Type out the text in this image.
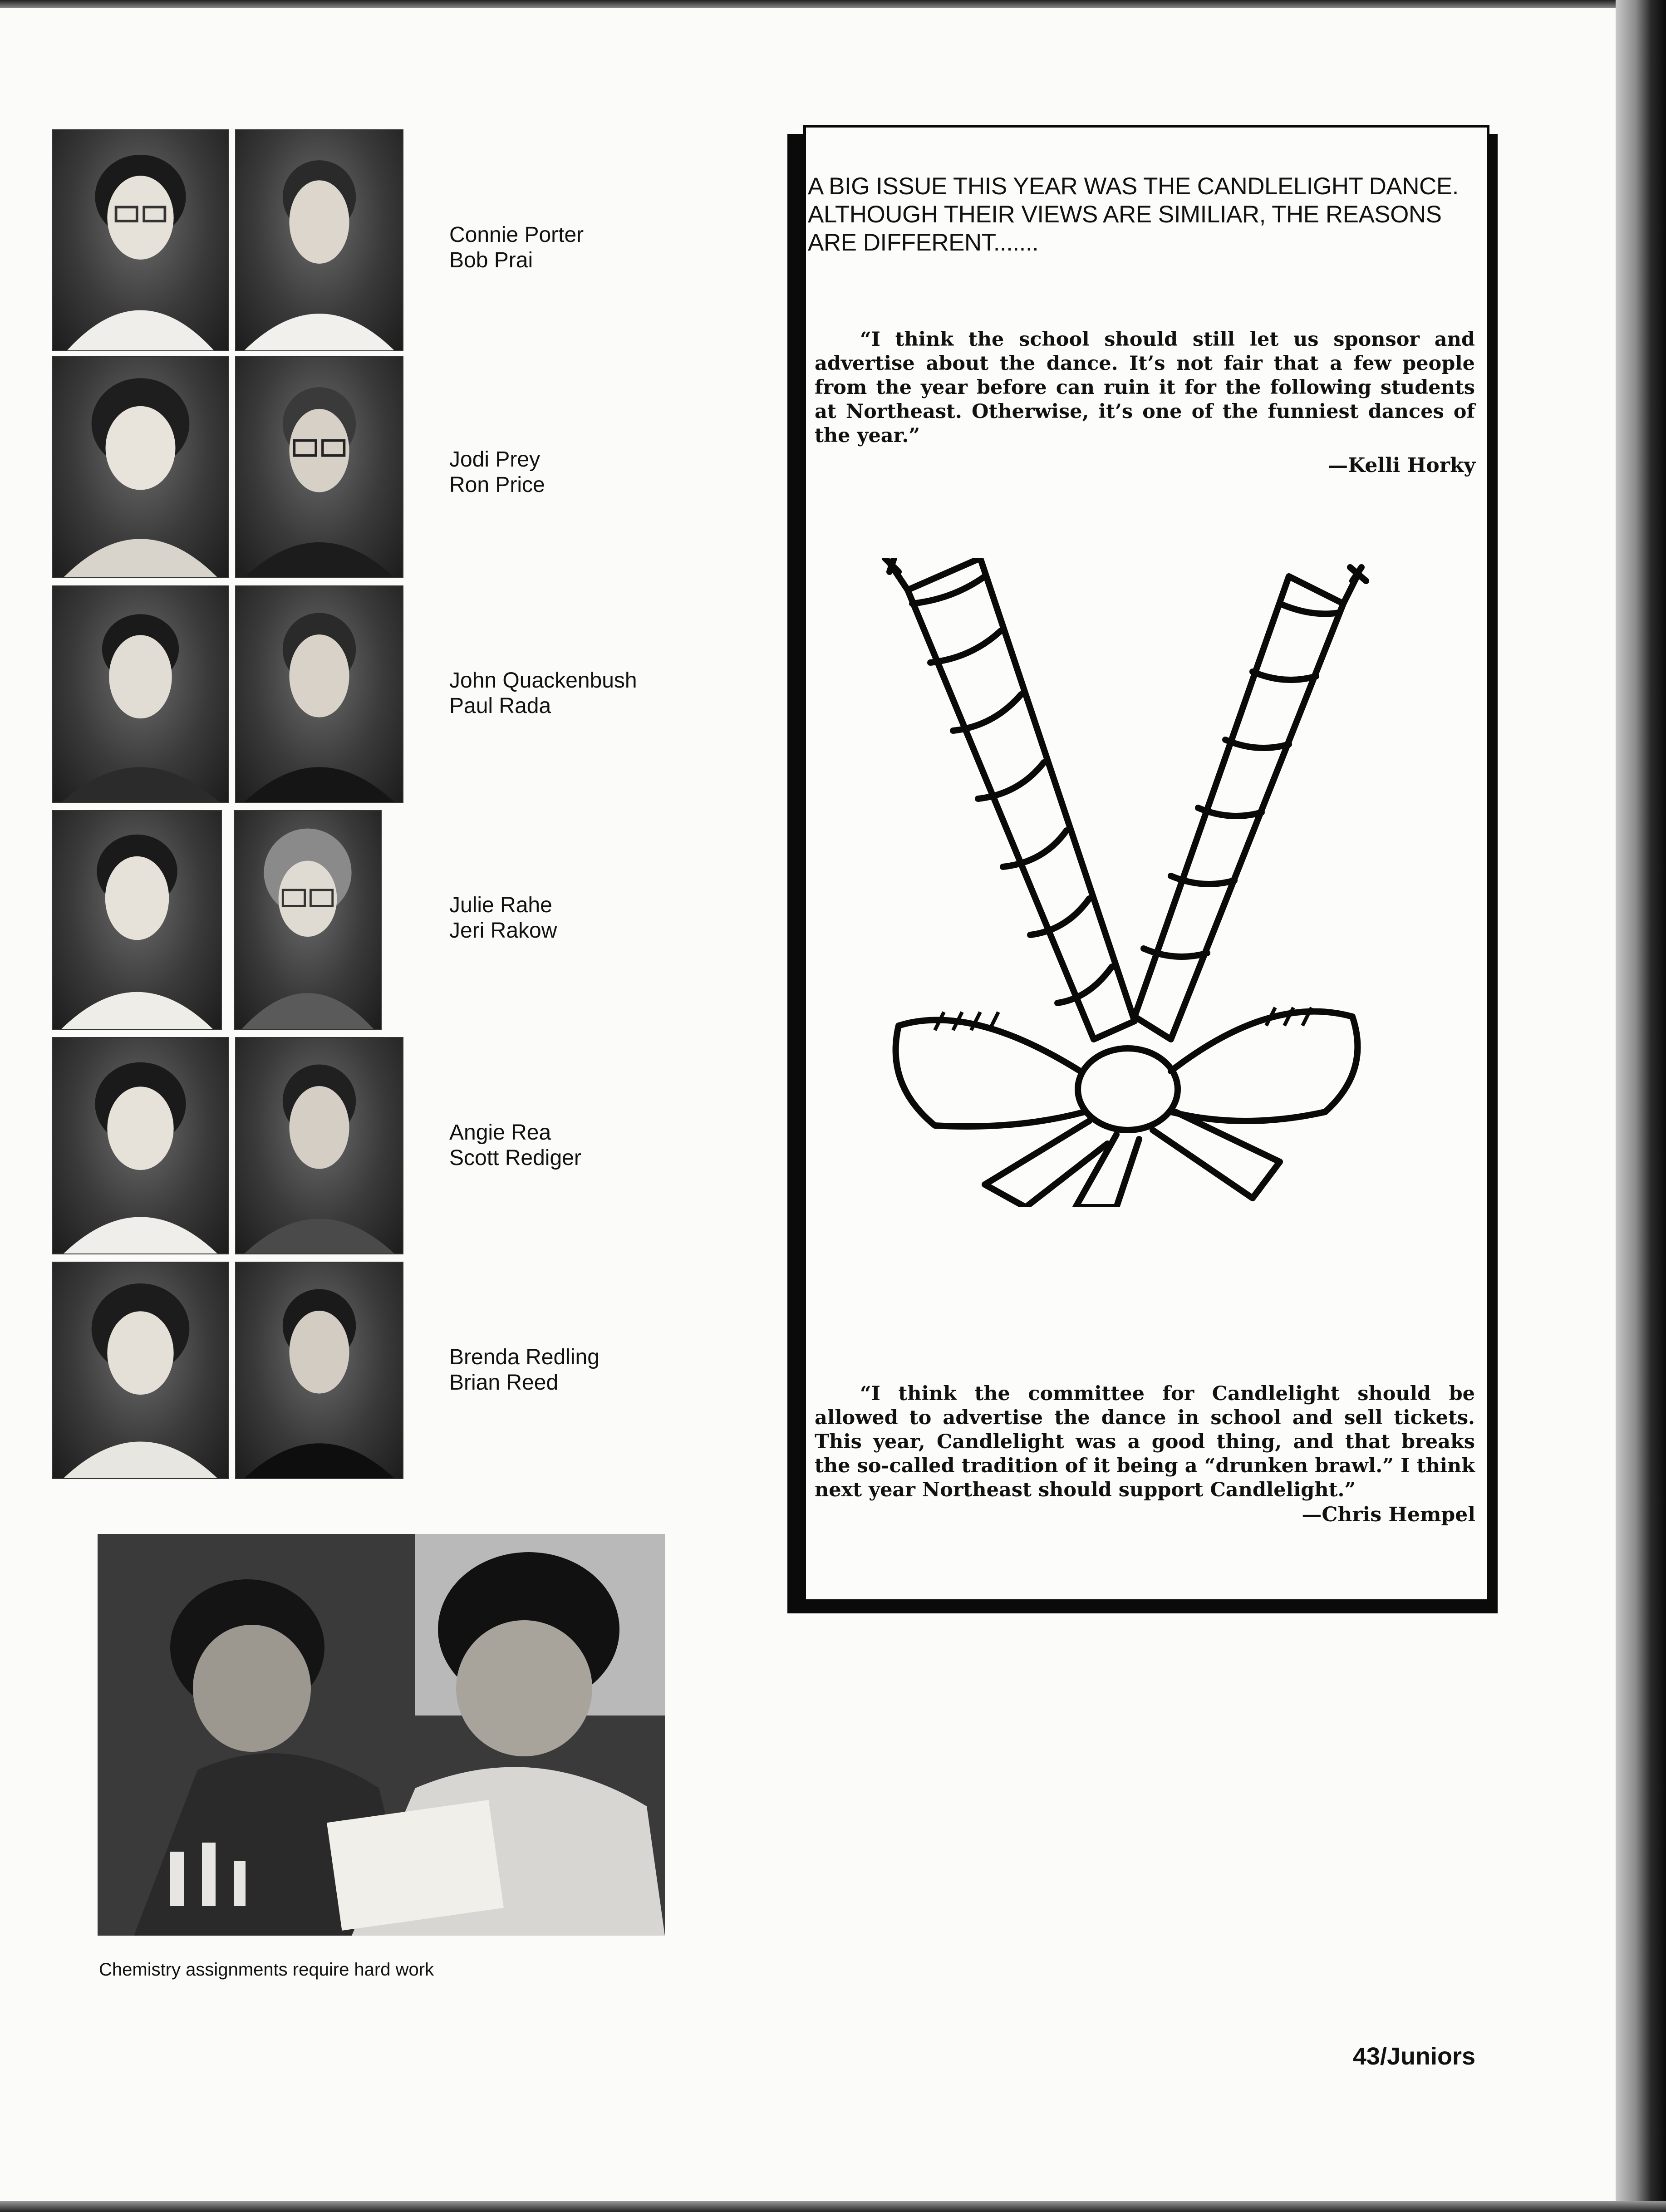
Connie Porter
Bob Prai
Jodi Prey
Ron Price
John Quackenbush
Paul Rada
Julie Rahe
Jeri Rakow
Angie Rea
Scott Rediger
Brenda Redling
Brian Reed
Chemistry assignments require hard work
A BIG ISSUE THIS YEAR WAS THE CANDLELIGHT DANCE.
ALTHOUGH THEIR VIEWS ARE SIMILIAR, THE REASONS
ARE DIFFERENT.......
“I think the school should still let us sponsor and advertise about the dance. It’s not fair that a few people from the year before can ruin it for the following students at Northeast. Otherwise, it’s one of the funniest dances of the year.”
—Kelli Horky
“I think the committee for Candlelight should be allowed to advertise the dance in school and sell tickets. This year, Candlelight was a good thing, and that breaks the so-called tradition of it being a “drunken brawl.” I think next year Northeast should support Candlelight.”
—Chris Hempel
43/Juniors
